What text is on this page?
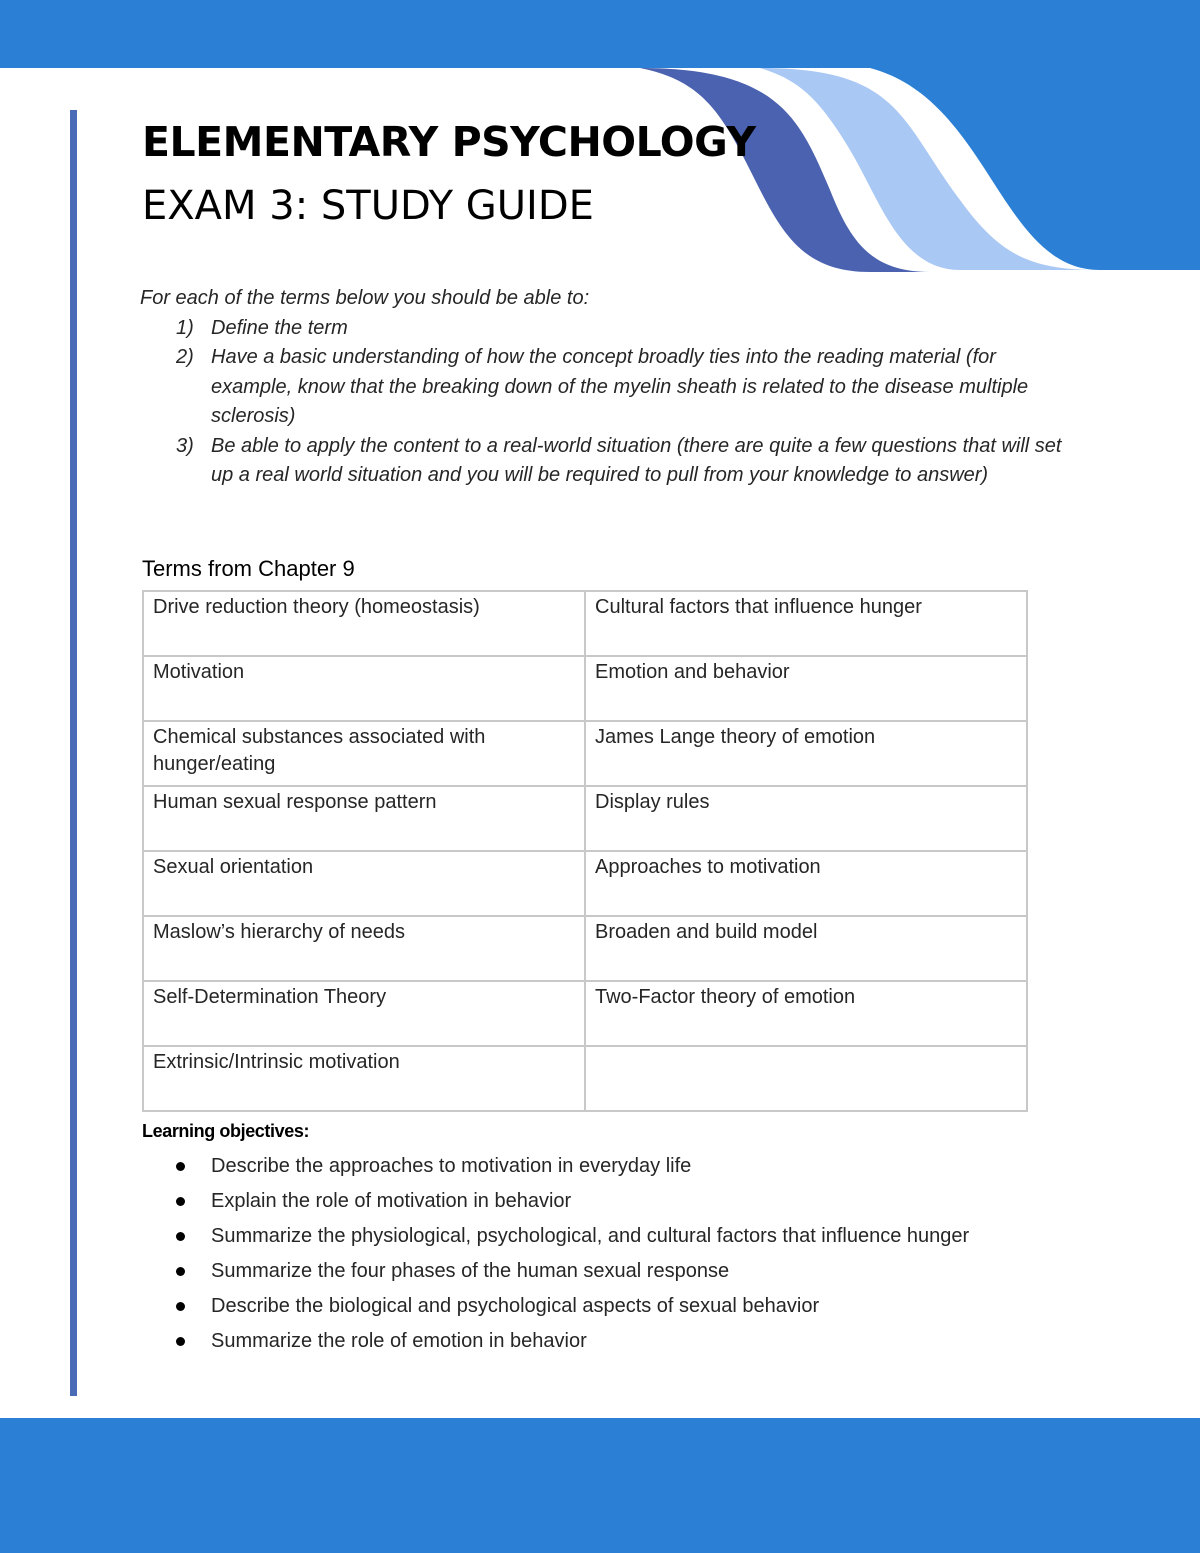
ELEMENTARY PSYCHOLOGY
EXAM 3: STUDY GUIDE

For each of the terms below you should be able to:

1) Define the term
2) Have a basic understanding of how the concept broadly ties into the reading material (for example, know that the breaking down of the myelin sheath is related to the disease multiple sclerosis)
3) Be able to apply the content to a real-world situation (there are quite a few questions that will set up a real world situation and you will be required to pull from your knowledge to answer)
Terms from Chapter 9
Drive reduction theory (homeostasis)	Cultural factors that influence hunger
Motivation	Emotion and behavior
Chemical substances associated with hunger/eating	James Lange theory of emotion
Human sexual response pattern	Display rules
Sexual orientation	Approaches to motivation
Maslow’s hierarchy of needs	Broaden and build model
Self-Determination Theory	Two-Factor theory of emotion
Extrinsic/Intrinsic motivation	
Learning objectives:
Describe the approaches to motivation in everyday life
Explain the role of motivation in behavior
Summarize the physiological, psychological, and cultural factors that influence hunger
Summarize the four phases of the human sexual response
Describe the biological and psychological aspects of sexual behavior
Summarize the role of emotion in behavior
